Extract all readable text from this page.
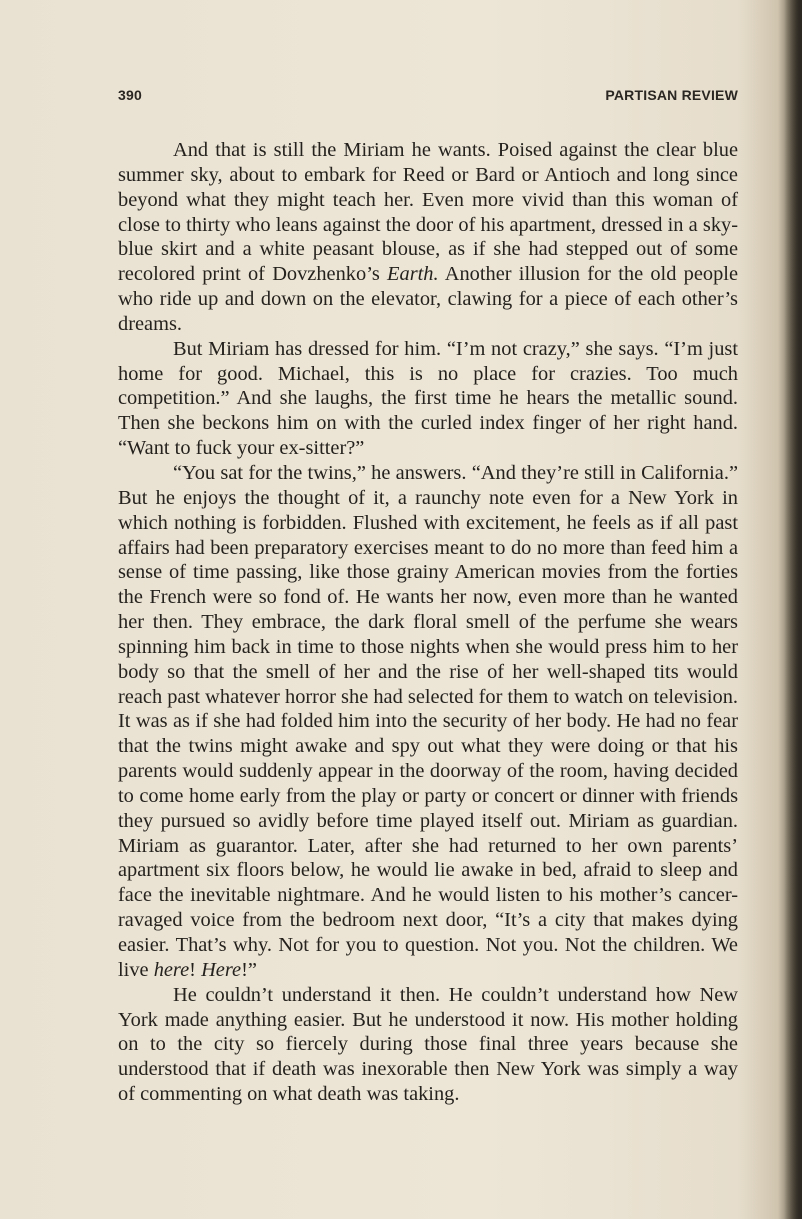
390	PARTISAN REVIEW

And that is still the Miriam he wants. Poised against the clear blue summer sky, about to embark for Reed or Bard or Antioch and long since beyond what they might teach her. Even more vivid than this woman of close to thirty who leans against the door of his apartment, dressed in a sky-blue skirt and a white peasant blouse, as if she had stepped out of some recolored print of Dovzhenko’s Earth. Another illusion for the old people who ride up and down on the elevator, clawing for a piece of each other’s dreams.

But Miriam has dressed for him. “I’m not crazy,” she says. “I’m just home for good. Michael, this is no place for crazies. Too much competition.” And she laughs, the first time he hears the metallic sound. Then she beckons him on with the curled index finger of her right hand. “Want to fuck your ex-sitter?”

“You sat for the twins,” he answers. “And they’re still in California.” But he enjoys the thought of it, a raunchy note even for a New York in which nothing is forbidden. Flushed with excitement, he feels as if all past affairs had been preparatory exercises meant to do no more than feed him a sense of time passing, like those grainy American movies from the forties the French were so fond of. He wants her now, even more than he wanted her then. They embrace, the dark floral smell of the perfume she wears spinning him back in time to those nights when she would press him to her body so that the smell of her and the rise of her well-shaped tits would reach past whatever horror she had selected for them to watch on television. It was as if she had folded him into the security of her body. He had no fear that the twins might awake and spy out what they were doing or that his parents would suddenly appear in the doorway of the room, having decided to come home early from the play or party or concert or dinner with friends they pursued so avidly before time played itself out. Miriam as guardian. Miriam as guarantor. Later, after she had returned to her own parents’ apartment six floors below, he would lie awake in bed, afraid to sleep and face the inevitable nightmare. And he would listen to his mother’s cancer-ravaged voice from the bedroom next door, “It’s a city that makes dying easier. That’s why. Not for you to question. Not you. Not the children. We live here! Here!”

He couldn’t understand it then. He couldn’t understand how New York made anything easier. But he understood it now. His mother holding on to the city so fiercely during those final three years because she understood that if death was inexorable then New York was simply a way of commenting on what death was taking.
